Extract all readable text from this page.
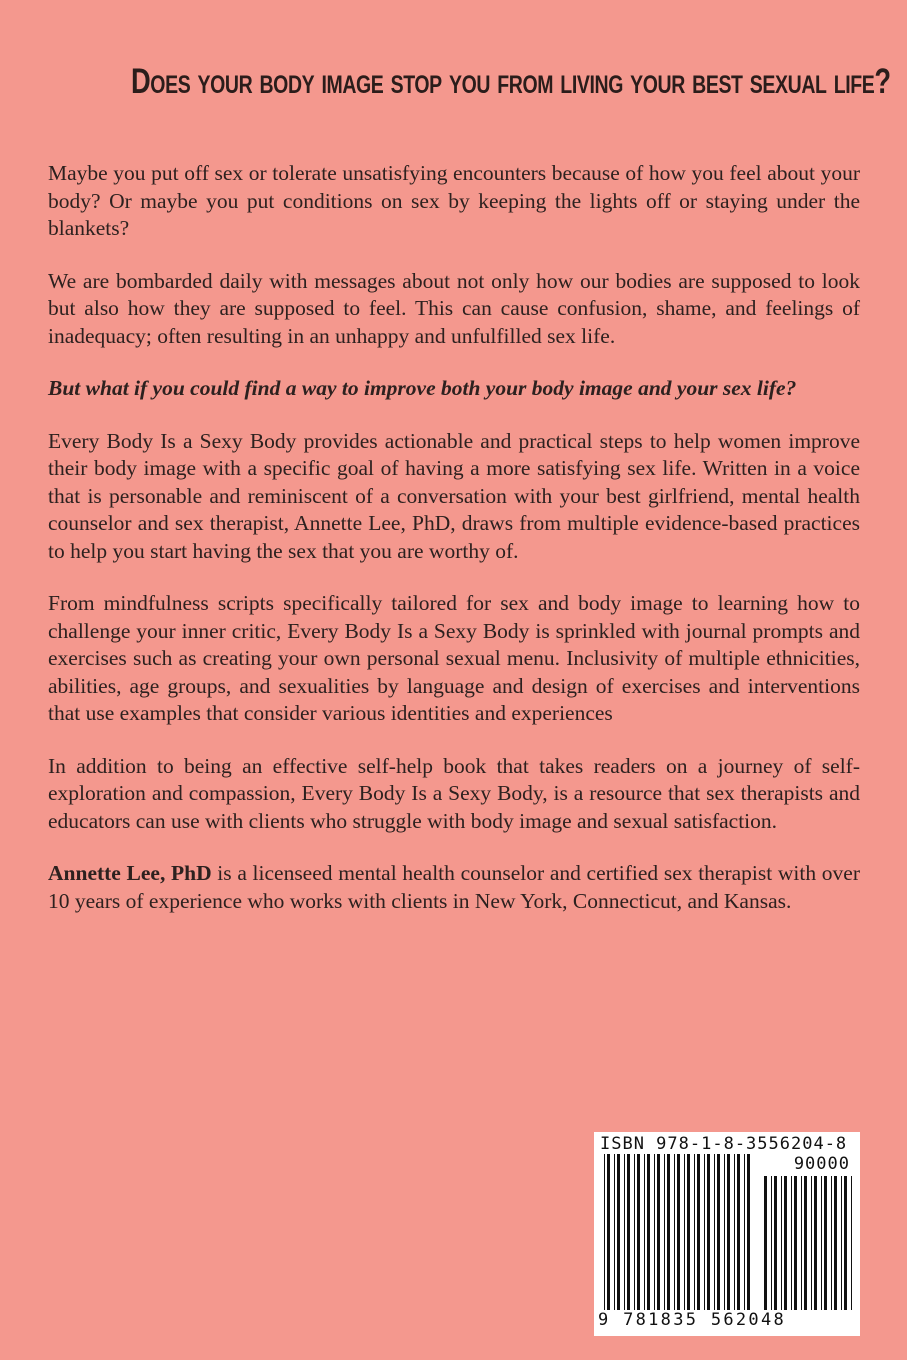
Does your body image stop you from living your best sexual life?

Maybe you put off sex or tolerate unsatisfying encounters because of how you feel about your body? Or maybe you put conditions on sex by keeping the lights off or staying under the blankets?

We are bombarded daily with messages about not only how our bodies are supposed to look but also how they are supposed to feel. This can cause confusion, shame, and feelings of inadequacy; often resulting in an unhappy and unfulfilled sex life.

But what if you could find a way to improve both your body image and your sex life?

Every Body Is a Sexy Body provides actionable and practical steps to help women improve their body image with a specific goal of having a more satisfying sex life. Written in a voice that is personable and reminiscent of a conversation with your best girlfriend, mental health counselor and sex therapist, Annette Lee, PhD, draws from multiple evidence-based practices to help you start having the sex that you are worthy of.

From mindfulness scripts specifically tailored for sex and body image to learning how to challenge your inner critic, Every Body Is a Sexy Body is sprinkled with journal prompts and exercises such as creating your own personal sexual menu. Inclusivity of multiple ethnicities, abilities, age groups, and sexualities by language and design of exercises and interventions that use examples that consider various identities and experiences

In addition to being an effective self-help book that takes readers on a journey of self-exploration and compassion, Every Body Is a Sexy Body, is a resource that sex therapists and educators can use with clients who struggle with body image and sexual satisfaction.

Annette Lee, PhD is a licenseed mental health counselor and certified sex therapist with over 10 years of experience who works with clients in New York, Connecticut, and Kansas.

ISBN 978-1-8-3556204-8
90000
9 781835 562048
